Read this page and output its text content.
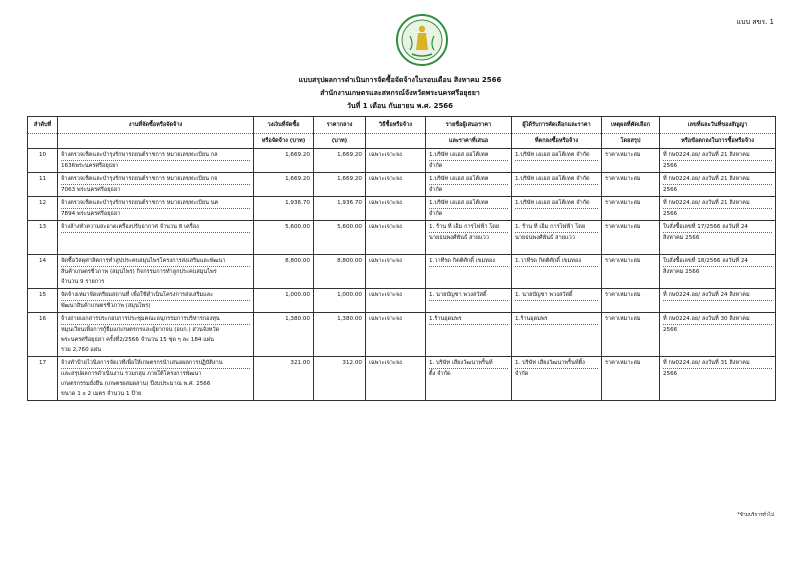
แบบ สขร. 1
แบบสรุปผลการดำเนินการจัดซื้อจัดจ้างในรอบเดือน สิงหาคม 2566
สำนักงานเกษตรและสหกรณ์จังหวัดพระนครศรีอยุธยา
วันที่ 1 เดือน กันยายน พ.ศ. 2566
ลำดับที่	งานที่จัดซื้อหรือจัดจ้าง	วงเงินที่จัดซื้อ
หรือจัดจ้าง (บาท)	ราคากลาง
(บาท)	วิธีซื้อหรือจ้าง	รายชื่อผู้เสนอราคา
และราคาที่เสนอ	ผู้ได้รับการคัดเลือกและราคา
ที่ตกลงซื้อหรือจ้าง	เหตุผลที่คัดเลือก
โดยสรุป	เลขที่และวันที่ของสัญญา
หรือข้อตกลงในการซื้อหรือจ้าง

10	จ้างตรวจเช็คและบำรุงรักษารถยนต์ราชการ หมายเลขทะเบียน กล
1636พระนครศรีอยุธยา	1,669.20	1,669.20	เฉพาะเจาะจง	1.บริษัท เอเอส ออโต้เทค
จำกัด	1.บริษัท เอเอส ออโต้เทค จำกัด	ราคาเหมาะสม	ที่ กษ0224.อย/ ลงวันที่ 21 สิงหาคม
2566

11	จ้างตรวจเช็คและบำรุงรักษารถยนต์ราชการ หมายเลขทะเบียน กจ
7063 พระนครศรีอยุธยา	1,669.20	1,669.20	เฉพาะเจาะจง	1.บริษัท เอเอส ออโต้เทค
จำกัด	1.บริษัท เอเอส ออโต้เทค จำกัด	ราคาเหมาะสม	ที่ กษ0224.อย/ ลงวันที่ 21 สิงหาคม
2566

12	จ้างตรวจเช็คและบำรุงรักษารถยนต์ราชการ หมายเลขทะเบียน นค
7894 พระนครศรีอยุธยา	1,936.70	1,936.70	เฉพาะเจาะจง	1.บริษัท เอเอส ออโต้เทค
จำกัด	1.บริษัท เอเอส ออโต้เทค จำกัด	ราคาเหมาะสม	ที่ กษ0224.อย/ ลงวันที่ 21 สิงหาคม
2566

13	จ้างล้างทำความสะอาดเครื่องปรับอากาศ จำนวน 8 เครื่อง	5,600.00	5,600.00	เฉพาะเจาะจง	1. ร้าน ที เอ็ม การไฟฟ้า โดย
นายธนพงศ์พันธ์ สายแวว	1. ร้าน ที เอ็ม การไฟฟ้า โดย
นายธนพงศ์พันธ์ สายแวว	ราคาเหมาะสม	ใบสั่งซื้อเลขที่ 17/2566 ลงวันที่ 24
สิงหาคม 2566

14	จัดซื้อวัสดุศาลิตการทำสูปประคบสมุนไพรโครงการส่งเสริมและพัฒนา
สินค้าเกษตรชีวภาพ (สมุนไพร) กิจกรรมการทำลูกประคบสมุนไพร
จำนวน 9 รายการ	8,800.00	8,800.00	เฉพาะเจาะจง	1.วาทีรด กิตติศักดิ์ เขมทอง	1.วาทีรด กิตติศักดิ์ เขมทอง	ราคาเหมาะสม	ใบสั่งซื้อเลขที่ 18/2566 ลงวันที่ 24
สิงหาคม 2566

15	จัดจ้างเหมาจัดเตรียมสถานที่ เพื่อใช้ดำเนินโครงการส่งเสริมและ
พัฒนาสินค้าเกษตรชีวภาพ (สมุนไพร)	1,000.00	1,000.00	เฉพาะเจาะจง	1. นายบัญชา พวงสวัสดิ์	1. นายบัญชา พวงสวัสดิ์	ราคาเหมาะสม	ที่ กษ0224.อย/ ลงวันที่ 24 สิงหาคม

16	จ้างถ่ายเอกสารประกอบการประชุมคณะอนุกรรมการบริหารกองทุน
หมุนเวียนเพื่อการกู้ยืมแก่เกษตรกรและผู้ยากจน (อบก.) ส่วนจังหวัด
พระนครศรีอยุธยา ครั้งที่2/2566 จำนวน 15 ชุด ๆ ละ 184 แผ่น
รวม 2,760 แผ่น	1,380.00	1,380.00	เฉพาะเจาะจง	1.ร้านอุดมพร	1.ร้านอุดมพร	ราคาเหมาะสม	ที่ กษ0224.อย/ ลงวันที่ 30 สิงหาคม
2566

17	จ้างทำป้ายไวนิลการจัดเวทีเพื่อให้เกษตรกรนำเสนอผลการปฏิบัติงาน
และสรุปผลการดำเนินงาน รวมกลุ่ม ภายใต้โครงการพัฒนา
เกษตรกรรมยั่งยืน (เกษตรผสมผสาน) ปีงบประมาณ พ.ศ. 2566
ขนาด 1 x 2 เมตร จำนวน 1 ป้าย	321.00	312.00	เฉพาะเจาะจง	1. บริษัท เสียงวัฒนาพริ้นท์
ติ้ง จำกัด	1. บริษัท เสียงวัฒนาพริ้นท์ติ้ง
จำกัด	ราคาเหมาะสม	ที่ กษ0224.อย/ ลงวันที่ 31 สิงหาคม
2566
*ข้ามบริการทั่วไป
